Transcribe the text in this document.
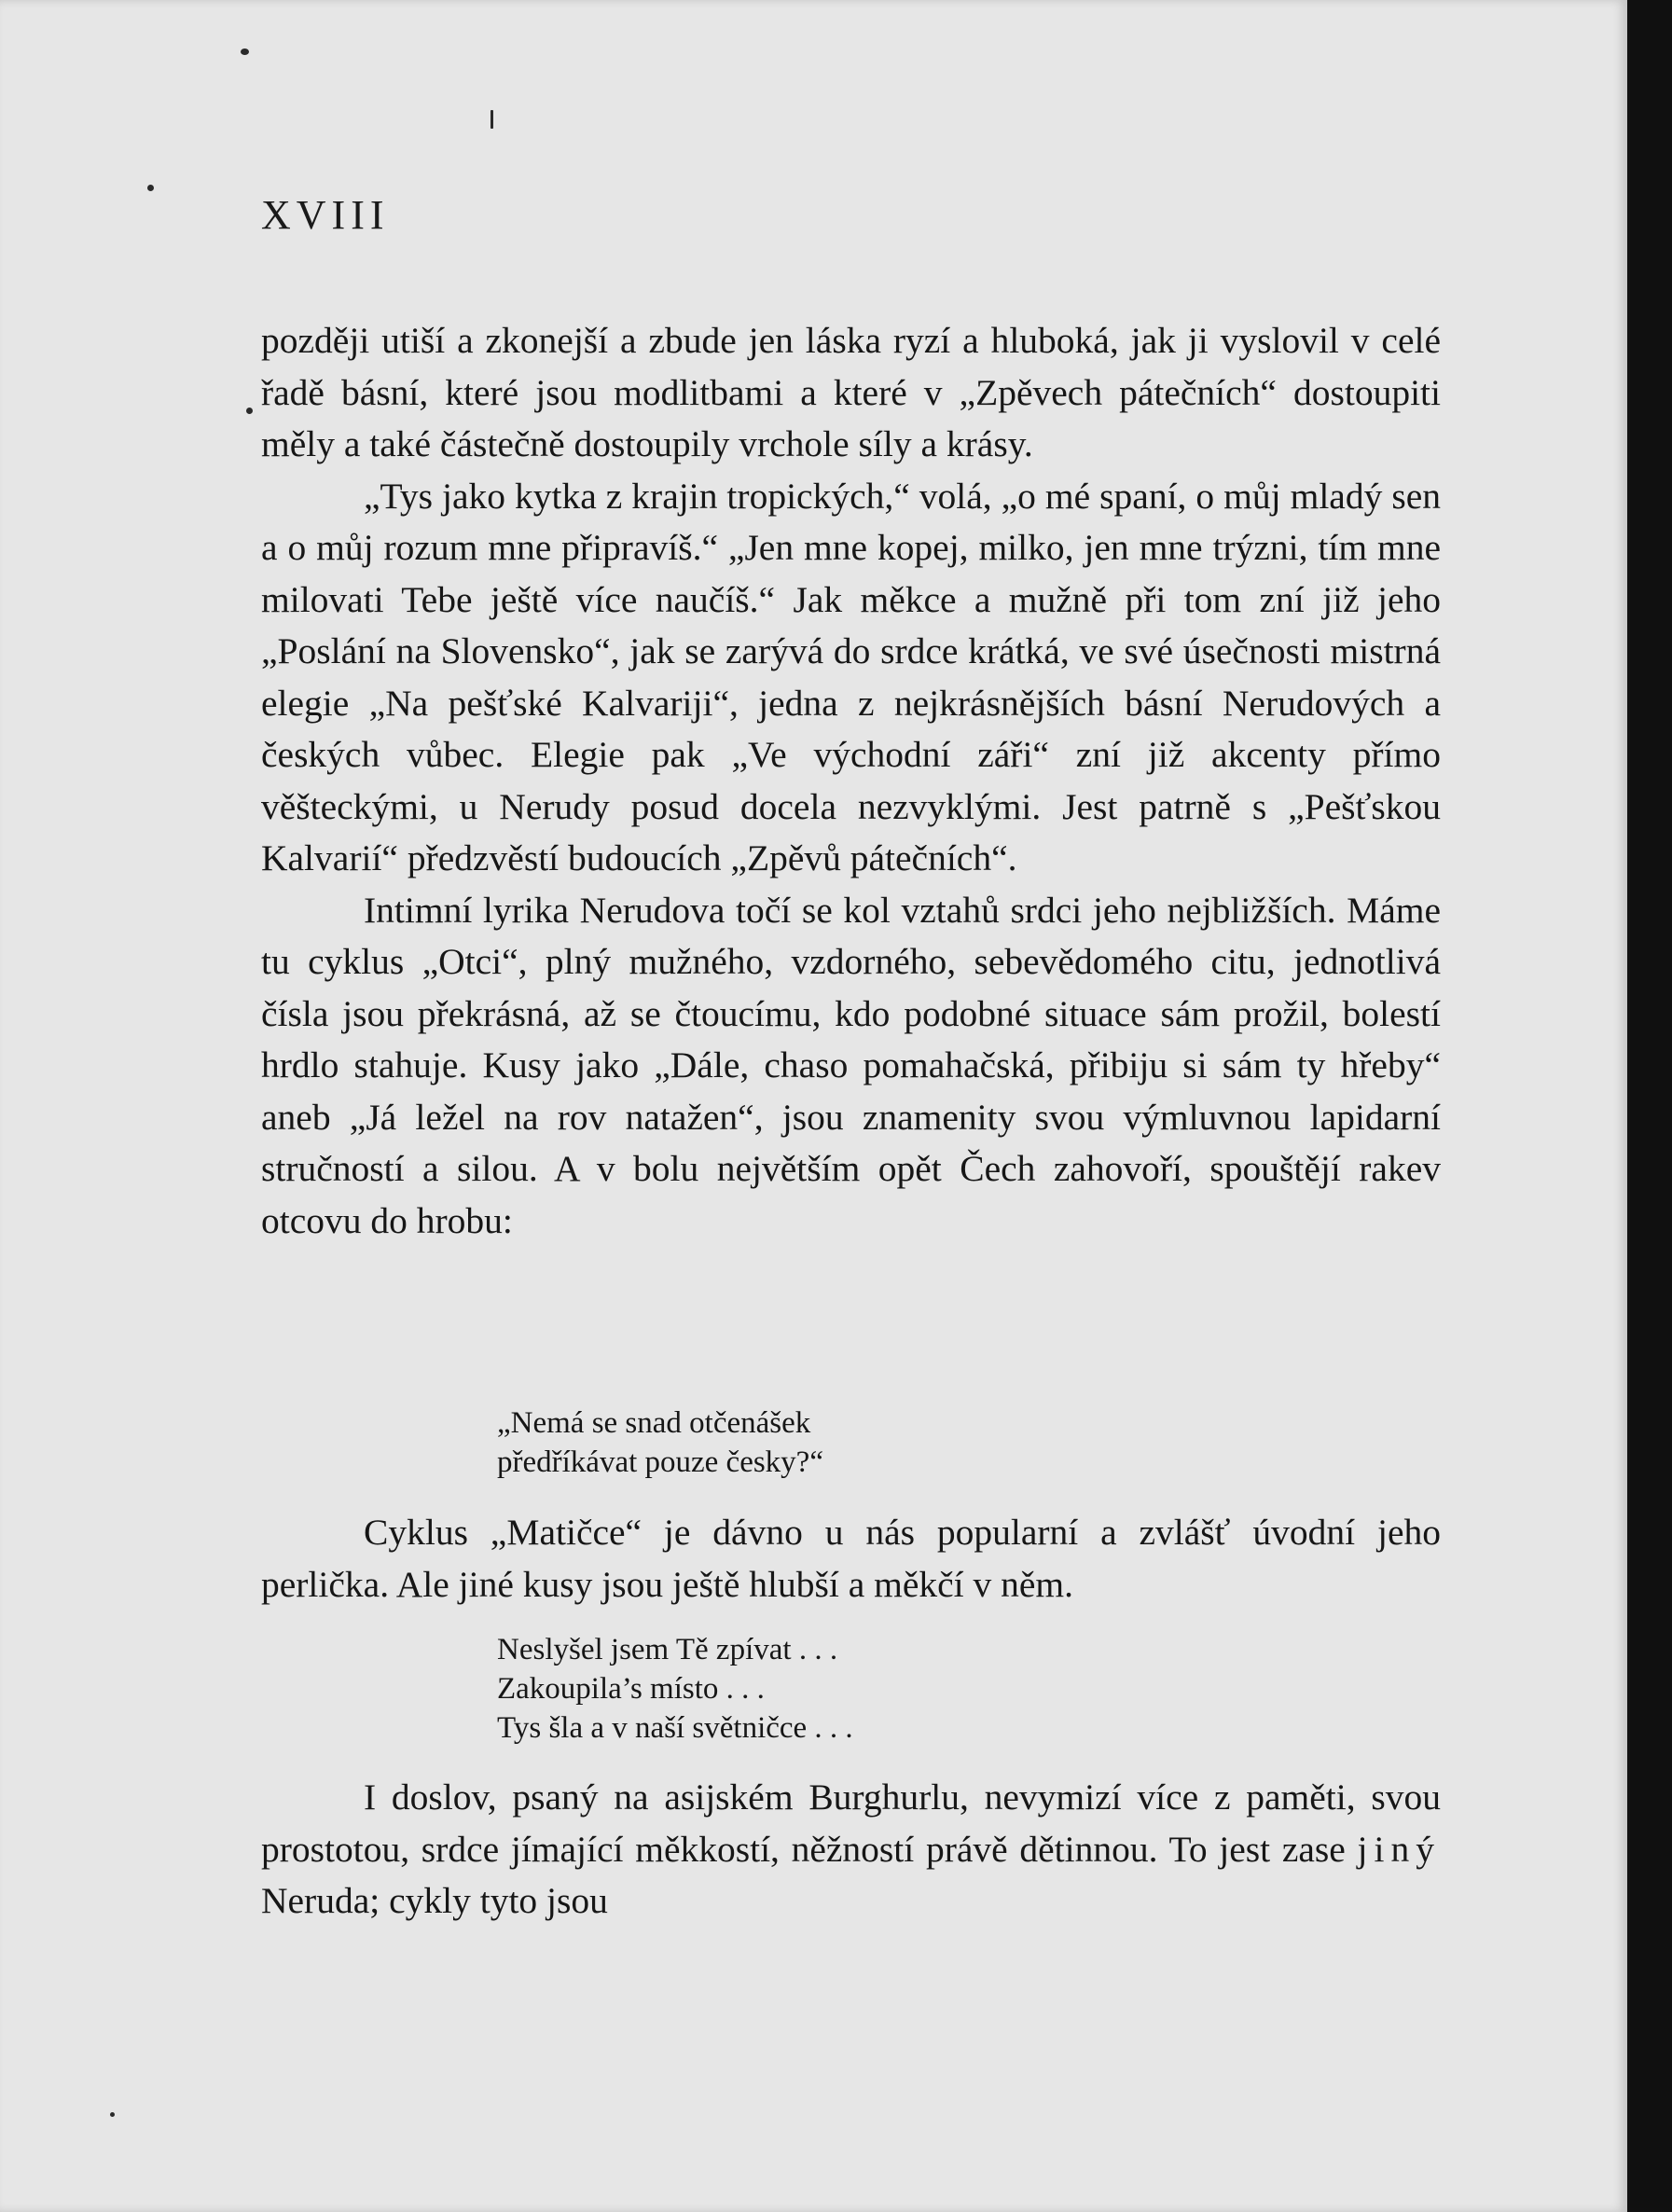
XVIII

později utiší a zkonejší a zbude jen láska ryzí a hluboká, jak ji vyslovil v celé řadě básní, které jsou modlitbami a které v „Zpěvech pátečních“ dostoupiti měly a také částečně dostoupily vrchole síly a krásy.

„Tys jako kytka z krajin tropických,“ volá, „o mé spaní, o můj mladý sen a o můj rozum mne připravíš.“ „Jen mne kopej, milko, jen mne trýzni, tím mne milovati Tebe ještě více naučíš.“ Jak měkce a mužně při tom zní již jeho „Poslání na Slovensko“, jak se zarývá do srdce krátká, ve své úsečnosti mistrná elegie „Na pešťské Kalvariji“, jedna z nejkrásnějších básní Nerudových a českých vůbec. Elegie pak „Ve východní záři“ zní již akcenty přímo věšteckými, u Nerudy posud docela nezvyklými. Jest patrně s „Pešťskou Kalvarií“ předzvěstí budoucích „Zpěvů pátečních“.

Intimní lyrika Nerudova točí se kol vztahů srdci jeho nejbližších. Máme tu cyklus „Otci“, plný mužného, vzdorného, sebevědomého citu, jednotlivá čísla jsou překrásná, až se čtoucímu, kdo podobné situace sám prožil, bolestí hrdlo stahuje. Kusy jako „Dále, chaso pomahačská, přibiju si sám ty hřeby“ aneb „Já ležel na rov natažen“, jsou znamenity svou výmluvnou lapidarní stručností a silou. A v bolu největším opět Čech zahovoří, spouštějí rakev otcovu do hrobu:

„Nemá se snad otčenášek
předříkávat pouze česky?“
Cyklus „Matičce“ je dávno u nás popularní a zvlášť úvodní jeho perlička. Ale jiné kusy jsou ještě hlubší a měkčí v něm.
Neslyšel jsem Tě zpívat . . .
Zakoupila’s místo . . .
Tys šla a v naší světničce . . .

I doslov, psaný na asijském Burghurlu, nevymizí více z paměti, svou prostotou, srdce jímající měkkostí, něžností právě dětinnou. To jest zase jiný Neruda; cykly tyto jsou
